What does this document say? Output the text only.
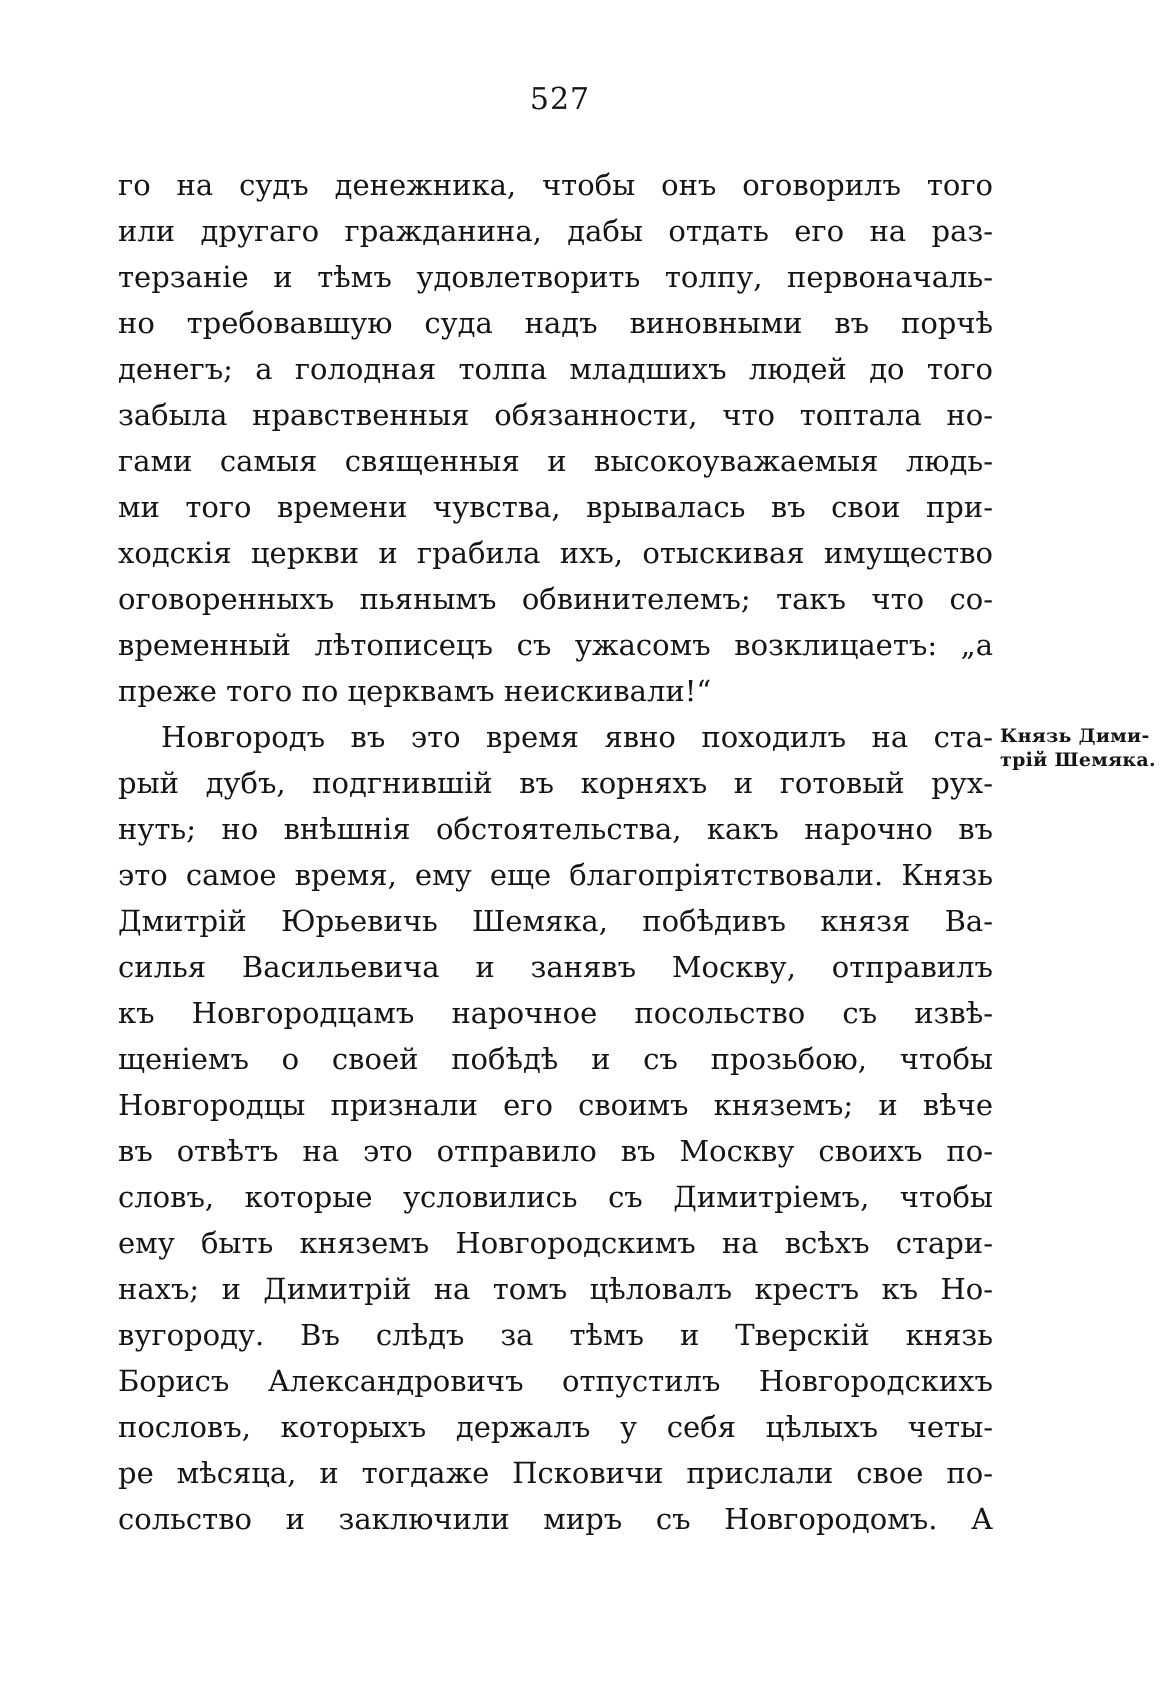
527
го на судъ денежника, чтобы онъ оговорилъ того
или другаго гражданина, дабы отдать его на раз-
терзаніе и тѣмъ удовлетворить толпу, первоначаль-
но требовавшую суда надъ виновными въ порчѣ
денегъ; а голодная толпа младшихъ людей до того
забыла нравственныя обязанности, что топтала но-
гами самыя священныя и высокоуважаемыя людь-
ми того времени чувства, врывалась въ свои при-
ходскія церкви и грабила ихъ, отыскивая имущество
оговоренныхъ пьянымъ обвинителемъ; такъ что со-
временный лѣтописецъ съ ужасомъ возклицаетъ: „а
преже того по церквамъ неискивали!“
Новгородъ въ это время явно походилъ на ста-
рый дубъ, подгнившій въ корняхъ и готовый рух-
нуть; но внѣшнія обстоятельства, какъ нарочно въ
это самое время, ему еще благопріятствовали. Князь
Дмитрій Юрьевичь Шемяка, побѣдивъ князя Ва-
силья Васильевича и занявъ Москву, отправилъ
къ Новгородцамъ нарочное посольство съ извѣ-
щеніемъ о своей побѣдѣ и съ прозьбою, чтобы
Новгородцы признали его своимъ княземъ; и вѣче
въ отвѣтъ на это отправило въ Москву своихъ по-
словъ, которые условились съ Димитріемъ, чтобы
ему быть княземъ Новгородскимъ на всѣхъ стари-
нахъ; и Димитрій на томъ цѣловалъ крестъ къ Но-
вугороду. Въ слѣдъ за тѣмъ и Тверскій князь
Борисъ Александровичъ отпустилъ Новгородскихъ
пословъ, которыхъ держалъ у себя цѣлыхъ четы-
ре мѣсяца, и тогдаже Псковичи прислали свое по-
сольство и заключили миръ съ Новгородомъ. А
Князь Дими-
трій Шемяка.
